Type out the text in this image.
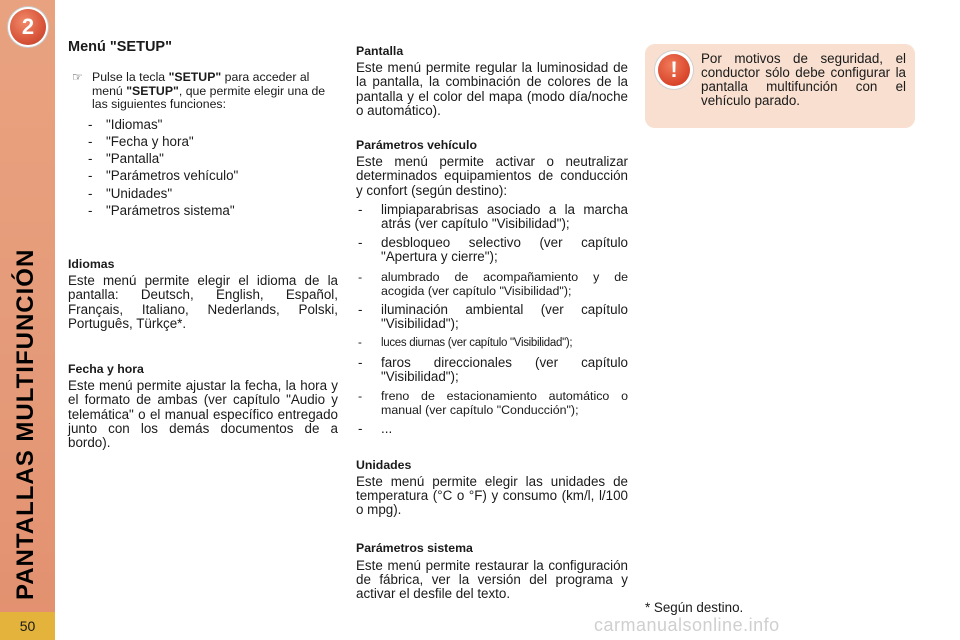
2
PANTALLAS MULTIFUNCIÓN
50
Menú "SETUP"
☞ Pulse la tecla "SETUP" para acceder al menú "SETUP", que permite elegir una de las siguientes funciones:
- "Idiomas"
- "Fecha y hora"
- "Pantalla"
- "Parámetros vehículo"
- "Unidades"
- "Parámetros sistema"
Idiomas
Este menú permite elegir el idioma de la pantalla: Deutsch, English, Español, Français, Italiano, Nederlands, Polski, Português, Türkçe*.
Fecha y hora
Este menú permite ajustar la fecha, la hora y el formato de ambas (ver capítulo "Audio y telemática" o el manual específico entregado junto con los demás documentos de a bordo).
Pantalla
Este menú permite regular la luminosidad de la pantalla, la combinación de colores de la pantalla y el color del mapa (modo día/noche o automático).
Parámetros vehículo
Este menú permite activar o neutralizar determinados equipamientos de conducción y confort (según destino):
- limpiaparabrisas asociado a la marcha atrás (ver capítulo "Visibilidad");
- desbloqueo selectivo (ver capítulo "Apertura y cierre");
- alumbrado de acompañamiento y de acogida (ver capítulo "Visibilidad");
- iluminación ambiental (ver capítulo "Visibilidad");
- luces diurnas (ver capítulo "Visibilidad");
- faros direccionales (ver capítulo "Visibilidad");
- freno de estacionamiento automático o manual (ver capítulo "Conducción");
- ...
Unidades
Este menú permite elegir las unidades de temperatura (°C o °F) y consumo (km/l, l/100 o mpg).
Parámetros sistema
Este menú permite restaurar la configuración de fábrica, ver la versión del programa y activar el desfile del texto.
!	Por motivos de seguridad, el conductor sólo debe configurar la pantalla multifunción con el vehículo parado.
* Según destino.
carmanualsonline.info
